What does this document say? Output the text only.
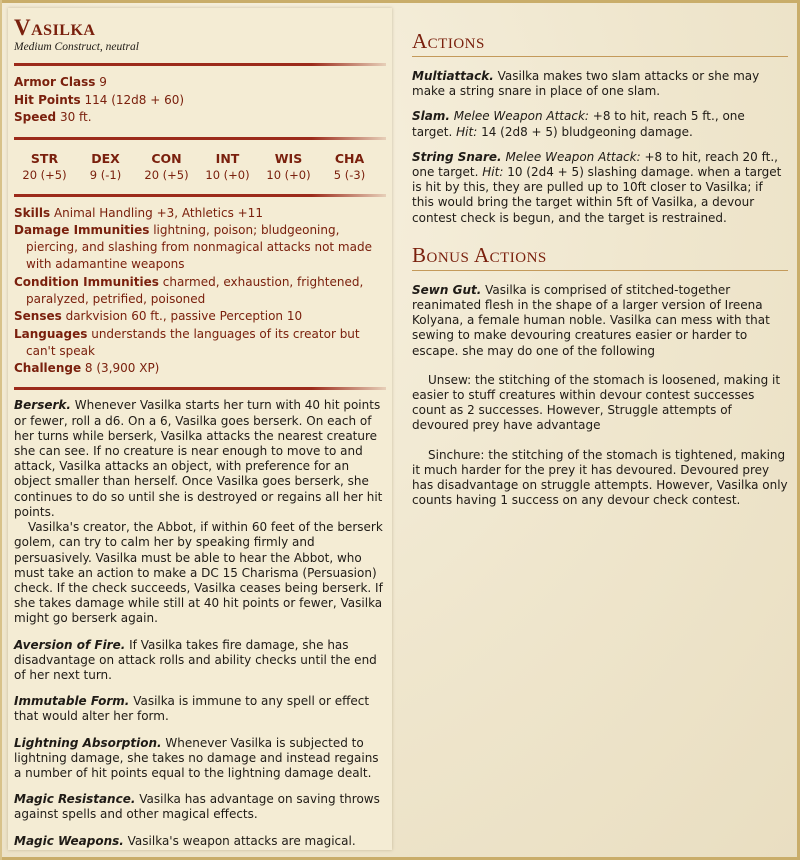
Vasilka
Medium Construct, neutral
Armor Class 9
Hit Points 114 (12d8 + 60)
Speed 30 ft.
STR
20 (+5)
DEX
9 (-1)
CON
20 (+5)
INT
10 (+0)
WIS
10 (+0)
CHA
5 (-3)
Skills Animal Handling +3, Athletics +11
Damage Immunities lightning, poison; bludgeoning, piercing, and slashing from nonmagical attacks not made with adamantine weapons
Condition Immunities charmed, exhaustion, frightened, paralyzed, petrified, poisoned
Senses darkvision 60 ft., passive Perception 10
Languages understands the languages of its creator but can't speak
Challenge 8 (3,900 XP)
Berserk. Whenever Vasilka starts her turn with 40 hit points or fewer, roll a d6. On a 6, Vasilka goes berserk. On each of her turns while berserk, Vasilka attacks the nearest creature she can see. If no creature is near enough to move to and attack, Vasilka attacks an object, with preference for an object smaller than herself. Once Vasilka goes berserk, she continues to do so until she is destroyed or regains all her hit points.
Vasilka's creator, the Abbot, if within 60 feet of the berserk golem, can try to calm her by speaking firmly and persuasively. Vasilka must be able to hear the Abbot, who must take an action to make a DC 15 Charisma (Persuasion) check. If the check succeeds, Vasilka ceases being berserk. If she takes damage while still at 40 hit points or fewer, Vasilka might go berserk again.
Aversion of Fire. If Vasilka takes fire damage, she has disadvantage on attack rolls and ability checks until the end of her next turn.
Immutable Form. Vasilka is immune to any spell or effect that would alter her form.
Lightning Absorption. Whenever Vasilka is subjected to lightning damage, she takes no damage and instead regains a number of hit points equal to the lightning damage dealt.
Magic Resistance. Vasilka has advantage on saving throws against spells and other magical effects.
Magic Weapons. Vasilka's weapon attacks are magical.
Actions
Multiattack. Vasilka makes two slam attacks or she may make a string snare in place of one slam.
Slam. Melee Weapon Attack: +8 to hit, reach 5 ft., one target. Hit: 14 (2d8 + 5) bludgeoning damage.
String Snare. Melee Weapon Attack: +8 to hit, reach 20 ft., one target. Hit: 10 (2d4 + 5) slashing damage. when a target is hit by this, they are pulled up to 10ft closer to Vasilka; if this would bring the target within 5ft of Vasilka, a devour contest check is begun, and the target is restrained.
Bonus Actions
Sewn Gut. Vasilka is comprised of stitched-together reanimated flesh in the shape of a larger version of Ireena Kolyana, a female human noble. Vasilka can mess with that sewing to make devouring creatures easier or harder to escape. she may do one of the following
Unsew: the stitching of the stomach is loosened, making it easier to stuff creatures within devour contest successes count as 2 successes. However, Struggle attempts of devoured prey have advantage
Sinchure: the stitching of the stomach is tightened, making it much harder for the prey it has devoured. Devoured prey has disadvantage on struggle attempts. However, Vasilka only counts having 1 success on any devour check contest.
